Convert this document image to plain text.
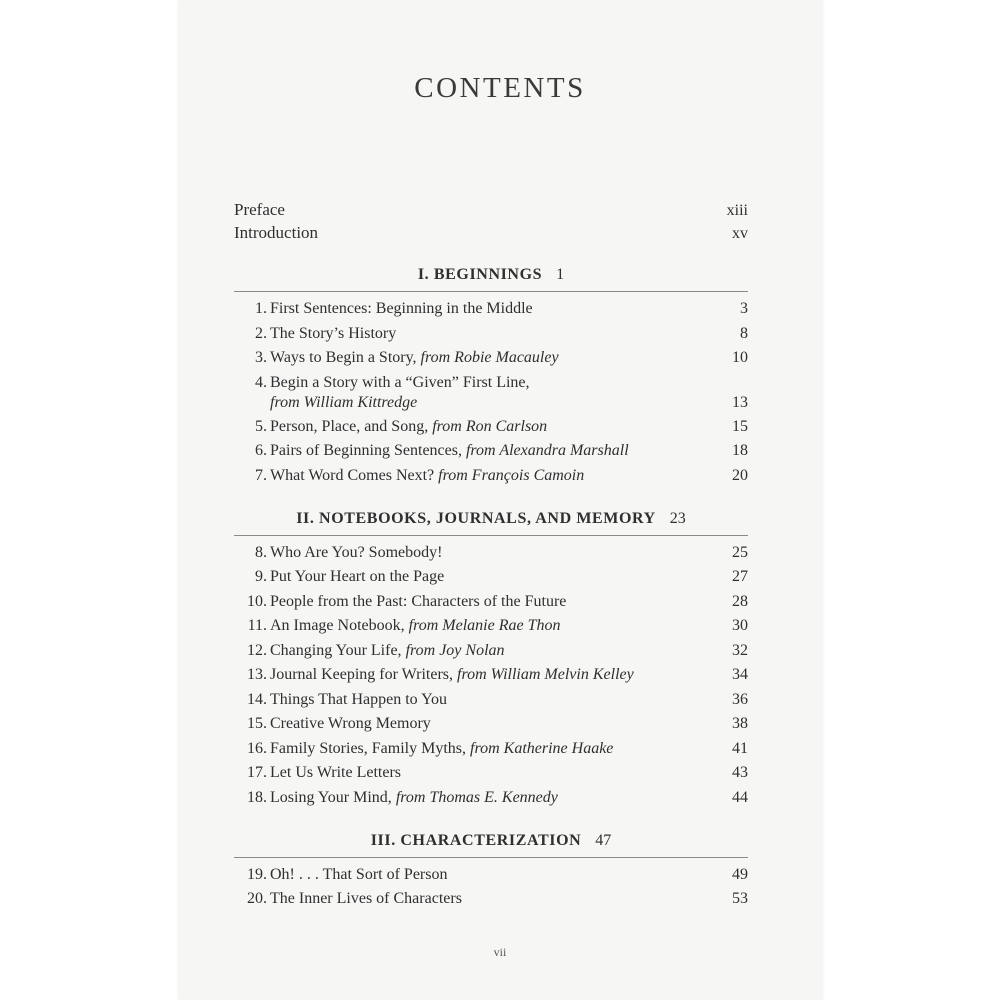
CONTENTS
Preface	xiii
Introduction	xv
I. BEGINNINGS 1
1. First Sentences: Beginning in the Middle	3
2. The Story’s History	8
3. Ways to Begin a Story, from Robie Macauley	10
4. Begin a Story with a “Given” First Line,
from William Kittredge	13
5. Person, Place, and Song, from Ron Carlson	15
6. Pairs of Beginning Sentences, from Alexandra Marshall	18
7. What Word Comes Next? from François Camoin	20
II. NOTEBOOKS, JOURNALS, AND MEMORY 23
8. Who Are You? Somebody!	25
9. Put Your Heart on the Page	27
10. People from the Past: Characters of the Future	28
11. An Image Notebook, from Melanie Rae Thon	30
12. Changing Your Life, from Joy Nolan	32
13. Journal Keeping for Writers, from William Melvin Kelley	34
14. Things That Happen to You	36
15. Creative Wrong Memory	38
16. Family Stories, Family Myths, from Katherine Haake	41
17. Let Us Write Letters	43
18. Losing Your Mind, from Thomas E. Kennedy	44
III. CHARACTERIZATION 47
19. Oh! . . . That Sort of Person	49
20. The Inner Lives of Characters	53
vii
